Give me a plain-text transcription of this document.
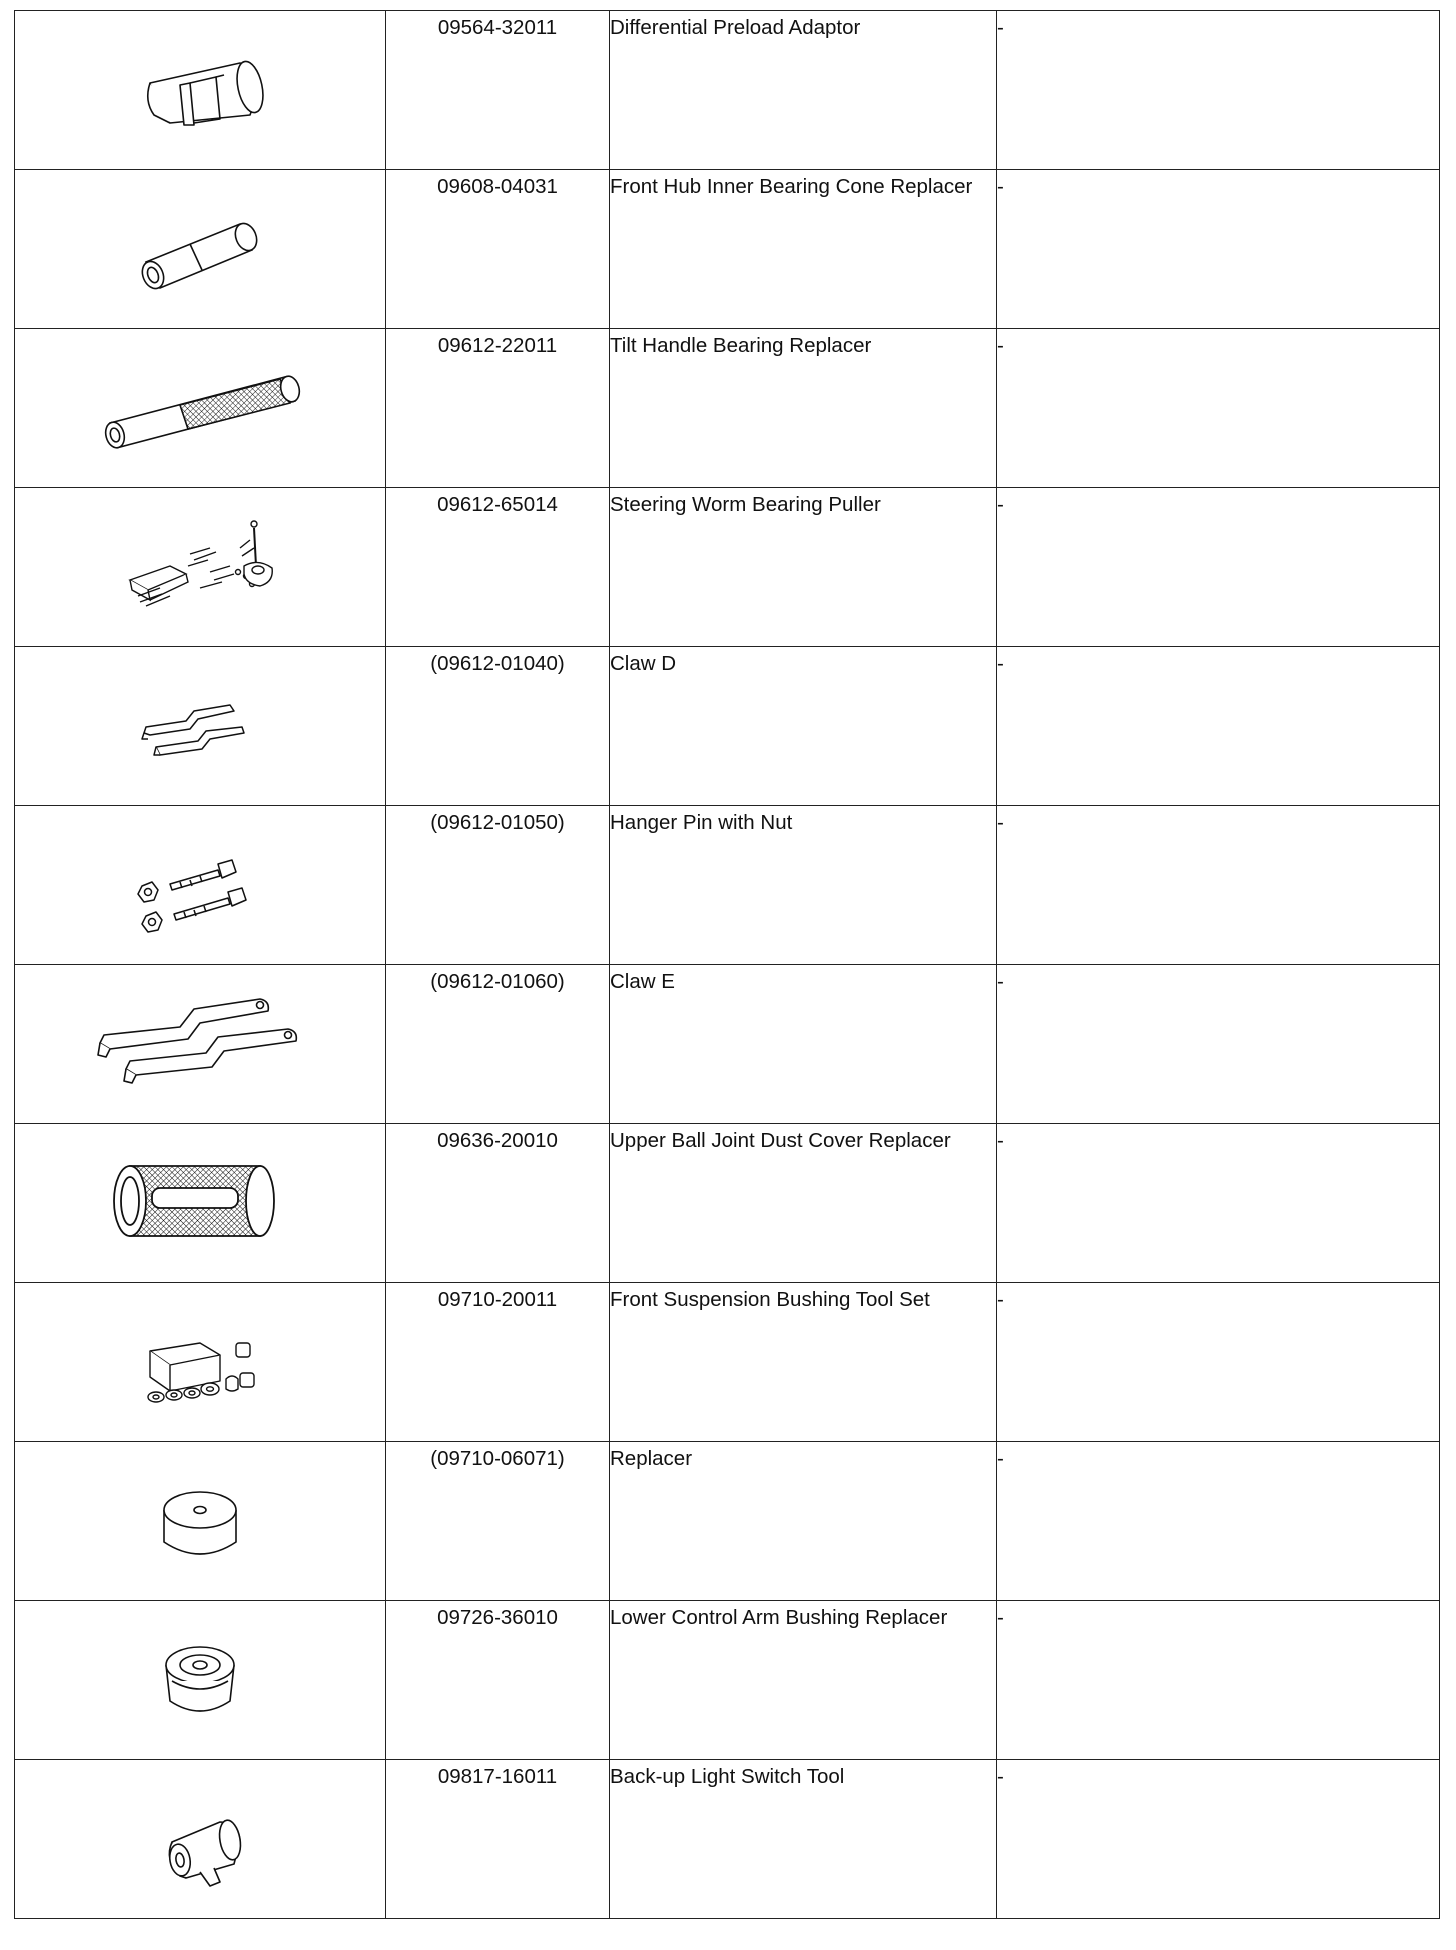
09564-32011	Differential Preload Adaptor	-

09608-04031	Front Hub Inner Bearing Cone Replacer	-

09612-22011	Tilt Handle Bearing Replacer	-

09612-65014	Steering Worm Bearing Puller	-

(09612-01040)	Claw D	-

(09612-01050)	Hanger Pin with Nut	-

(09612-01060)	Claw E	-

09636-20010	Upper Ball Joint Dust Cover Replacer	-

09710-20011	Front Suspension Bushing Tool Set	-

(09710-06071)	Replacer	-

09726-36010	Lower Control Arm Bushing Replacer	-

09817-16011	Back-up Light Switch Tool	-
